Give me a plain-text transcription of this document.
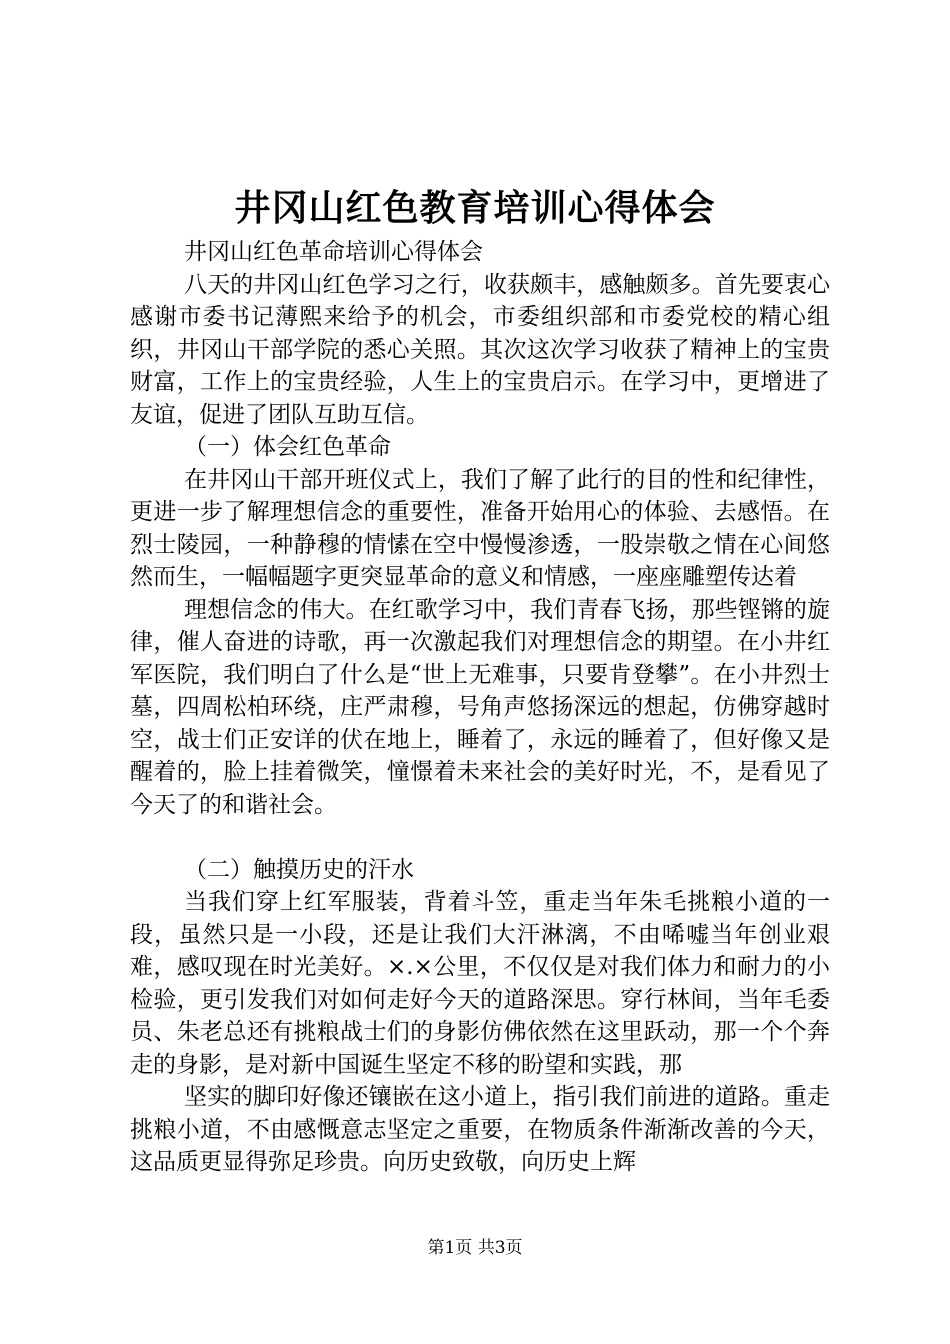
井冈山红色教育培训心得体会

井冈山红色革命培训心得体会

八天的井冈山红色学习之行，收获颇丰，感触颇多。首先要衷心感谢市委书记薄熙来给予的机会，市委组织部和市委党校的精心组织，井冈山干部学院的悉心关照。其次这次学习收获了精神上的宝贵财富，工作上的宝贵经验，人生上的宝贵启示。在学习中，更增进了友谊，促进了团队互助互信。

（一）体会红色革命

在井冈山干部开班仪式上，我们了解了此行的目的性和纪律性，更进一步了解理想信念的重要性，准备开始用心的体验、去感悟。在烈士陵园，一种静穆的情愫在空中慢慢渗透，一股崇敬之情在心间悠然而生，一幅幅题字更突显革命的意义和情感，一座座雕塑传达着

理想信念的伟大。在红歌学习中，我们青春飞扬，那些铿锵的旋律，催人奋进的诗歌，再一次激起我们对理想信念的期望。在小井红军医院，我们明白了什么是“世上无难事，只要肯登攀”。在小井烈士墓，四周松柏环绕，庄严肃穆，号角声悠扬深远的想起，仿佛穿越时空，战士们正安详的伏在地上，睡着了，永远的睡着了，但好像又是醒着的，脸上挂着微笑，憧憬着未来社会的美好时光，不，是看见了今天了的和谐社会。

（二）触摸历史的汗水

当我们穿上红军服装，背着斗笠，重走当年朱毛挑粮小道的一段，虽然只是一小段，还是让我们大汗淋漓，不由唏嘘当年创业艰难，感叹现在时光美好。×.×公里，不仅仅是对我们体力和耐力的小检验，更引发我们对如何走好今天的道路深思。穿行林间，当年毛委员、朱老总还有挑粮战士们的身影仿佛依然在这里跃动，那一个个奔走的身影，是对新中国诞生坚定不移的盼望和实践，那

坚实的脚印好像还镶嵌在这小道上，指引我们前进的道路。重走挑粮小道，不由感慨意志坚定之重要，在物质条件渐渐改善的今天，这品质更显得弥足珍贵。向历史致敬，向历史上辉

第1页 共3页
